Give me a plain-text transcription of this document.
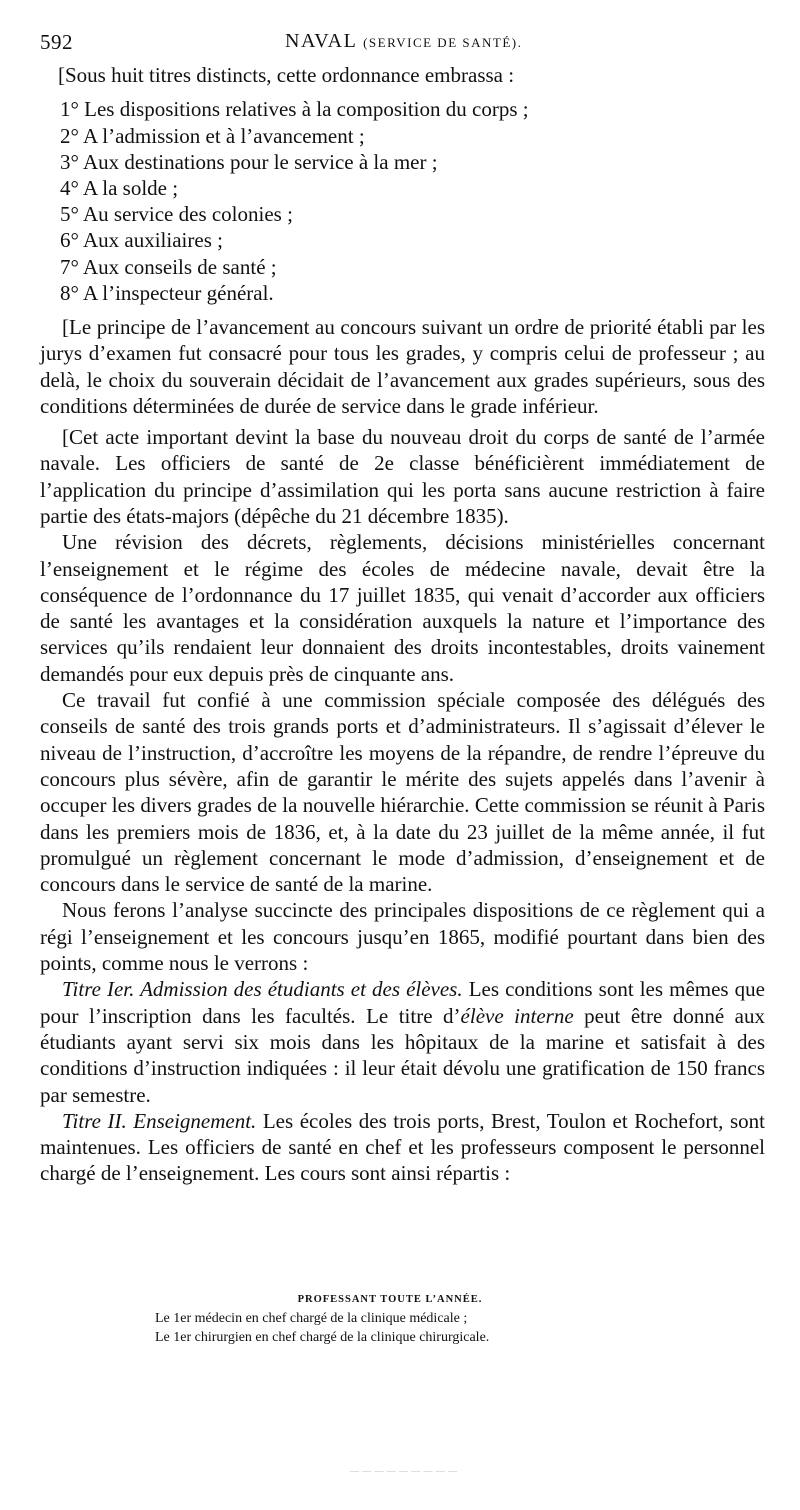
592	NAVAL (SERVICE DE SANTÉ).

[Sous huit titres distincts, cette ordonnance embrassa :

1° Les dispositions relatives à la composition du corps ;
2° A l’admission et à l’avancement ;
3° Aux destinations pour le service à la mer ;
4° A la solde ;
5° Au service des colonies ;
6° Aux auxiliaires ;
7° Aux conseils de santé ;
8° A l’inspecteur général.

[Le principe de l’avancement au concours suivant un ordre de priorité établi par les jurys d’examen fut consacré pour tous les grades, y compris celui de professeur ; au delà, le choix du souverain décidait de l’avancement aux grades supérieurs, sous des conditions déterminées de durée de service dans le grade inférieur.

[Cet acte important devint la base du nouveau droit du corps de santé de l’armée navale. Les officiers de santé de 2e classe bénéficièrent immédiatement de l’application du principe d’assimilation qui les porta sans aucune restriction à faire partie des états-majors (dépêche du 21 décembre 1835).

Une révision des décrets, règlements, décisions ministérielles concernant l’enseignement et le régime des écoles de médecine navale, devait être la conséquence de l’ordonnance du 17 juillet 1835, qui venait d’accorder aux officiers de santé les avantages et la considération auxquels la nature et l’importance des services qu’ils rendaient leur donnaient des droits incontestables, droits vainement demandés pour eux depuis près de cinquante ans.

Ce travail fut confié à une commission spéciale composée des délégués des conseils de santé des trois grands ports et d’administrateurs. Il s’agissait d’élever le niveau de l’instruction, d’accroître les moyens de la répandre, de rendre l’épreuve du concours plus sévère, afin de garantir le mérite des sujets appelés dans l’avenir à occuper les divers grades de la nouvelle hiérarchie. Cette commission se réunit à Paris dans les premiers mois de 1836, et, à la date du 23 juillet de la même année, il fut promulgué un règlement concernant le mode d’admission, d’enseignement et de concours dans le service de santé de la marine.

Nous ferons l’analyse succincte des principales dispositions de ce règlement qui a régi l’enseignement et les concours jusqu’en 1865, modifié pourtant dans bien des points, comme nous le verrons :

Titre Ier. Admission des étudiants et des élèves. Les conditions sont les mêmes que pour l’inscription dans les facultés. Le titre d’élève interne peut être donné aux étudiants ayant servi six mois dans les hôpitaux de la marine et satisfait à des conditions d’instruction indiquées : il leur était dévolu une gratification de 150 francs par semestre.

Titre II. Enseignement. Les écoles des trois ports, Brest, Toulon et Rochefort, sont maintenues. Les officiers de santé en chef et les professeurs composent le personnel chargé de l’enseignement. Les cours sont ainsi répartis :

PROFESSANT TOUTE L’ANNÉE.
Le 1er médecin en chef chargé de la clinique médicale ;
Le 1er chirurgien en chef chargé de la clinique chirurgicale.
— — — — — — — — —
